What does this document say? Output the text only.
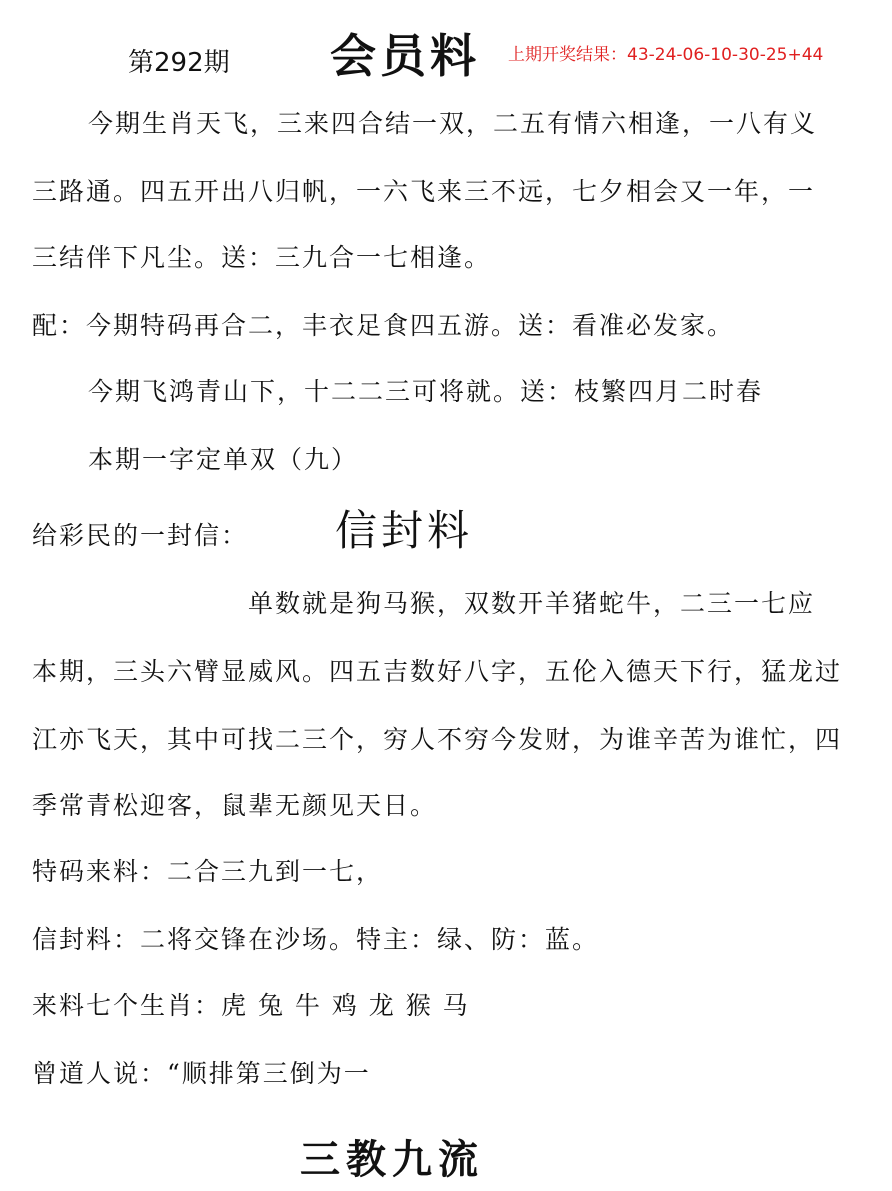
第292期 会员料 上期开奖结果：43-24-06-10-30-25+44
今期生肖天飞，三来四合结一双，二五有情六相逢，一八有义
三路通。四五开出八归帆，一六飞来三不远，七夕相会又一年，一
三结伴下凡尘。送：三九合一七相逢。
配：今期特码再合二，丰衣足食四五游。送：看准必发家。
今期飞鸿青山下，十二二三可将就。送：枝繁四月二时春
本期一字定单双（九）
给彩民的一封信： 信封料
单数就是狗马猴，双数开羊猪蛇牛，二三一七应
本期，三头六臂显威风。四五吉数好八字，五伦入德天下行，猛龙过
江亦飞天，其中可找二三个，穷人不穷今发财，为谁辛苦为谁忙，四
季常青松迎客，鼠辈无颜见天日。
特码来料：二合三九到一七，
信封料：二将交锋在沙场。特主：绿、防：蓝。
来料七个生肖：虎 兔 牛 鸡 龙 猴 马
曾道人说：“顺排第三倒为一
三教九流
